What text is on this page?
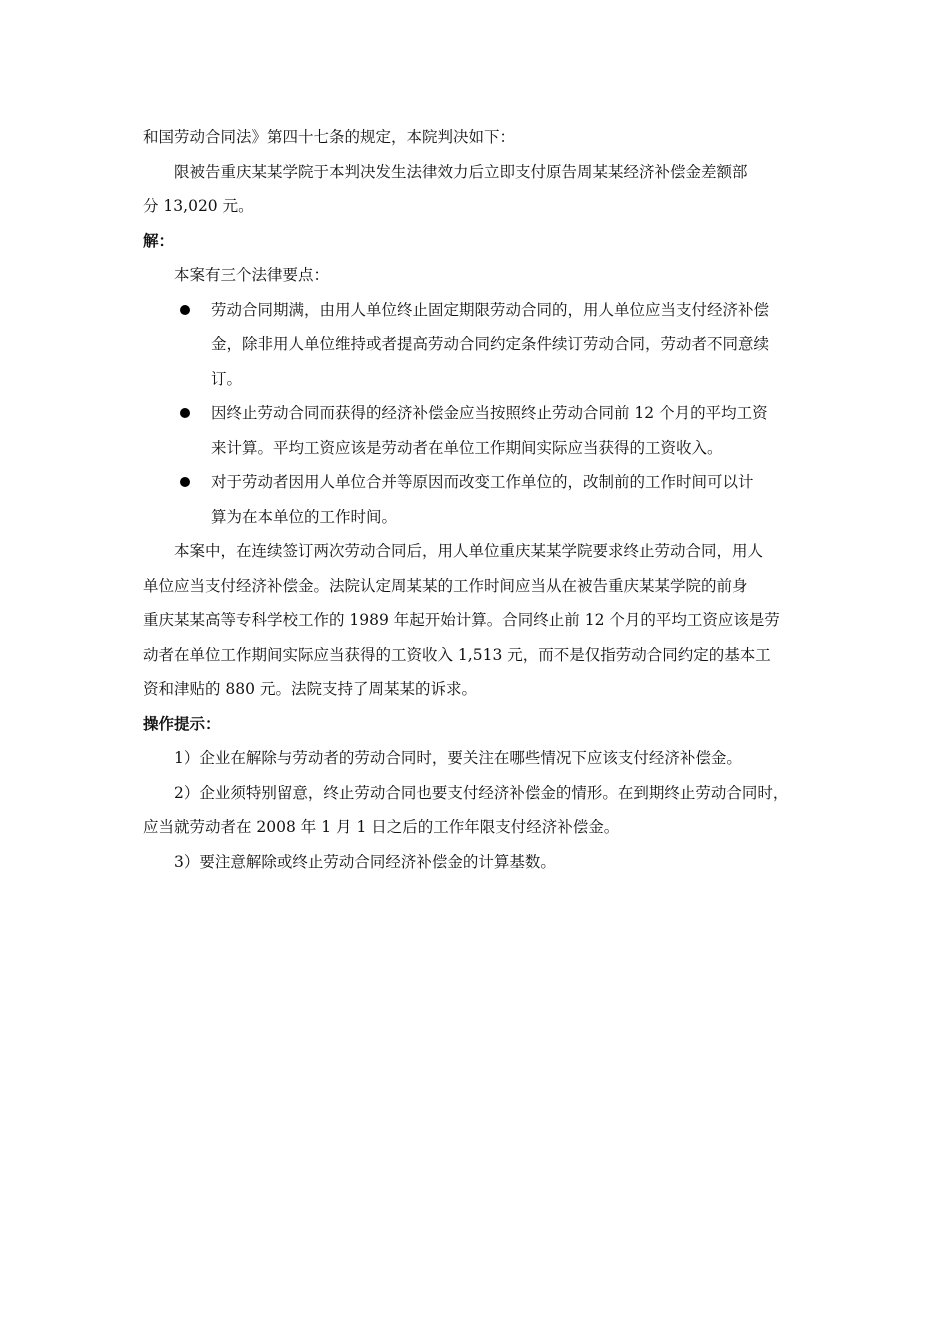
和国劳动合同法》第四十七条的规定，本院判决如下：
限被告重庆某某学院于本判决发生法律效力后立即支付原告周某某经济补偿金差额部
分 13,020 元。
解：
本案有三个法律要点：
劳动合同期满，由用人单位终止固定期限劳动合同的，用人单位应当支付经济补偿
金，除非用人单位维持或者提高劳动合同约定条件续订劳动合同，劳动者不同意续
订。
因终止劳动合同而获得的经济补偿金应当按照终止劳动合同前 12 个月的平均工资
来计算。平均工资应该是劳动者在单位工作期间实际应当获得的工资收入。
对于劳动者因用人单位合并等原因而改变工作单位的，改制前的工作时间可以计
算为在本单位的工作时间。
本案中，在连续签订两次劳动合同后，用人单位重庆某某学院要求终止劳动合同，用人
单位应当支付经济补偿金。法院认定周某某的工作时间应当从在被告重庆某某学院的前身
重庆某某高等专科学校工作的 1989 年起开始计算。合同终止前 12 个月的平均工资应该是劳
动者在单位工作期间实际应当获得的工资收入 1,513 元，而不是仅指劳动合同约定的基本工
资和津贴的 880 元。法院支持了周某某的诉求。
操作提示：
1）企业在解除与劳动者的劳动合同时，要关注在哪些情况下应该支付经济补偿金。
2）企业须特别留意，终止劳动合同也要支付经济补偿金的情形。在到期终止劳动合同时，
应当就劳动者在 2008 年 1 月 1 日之后的工作年限支付经济补偿金。
3）要注意解除或终止劳动合同经济补偿金的计算基数。
